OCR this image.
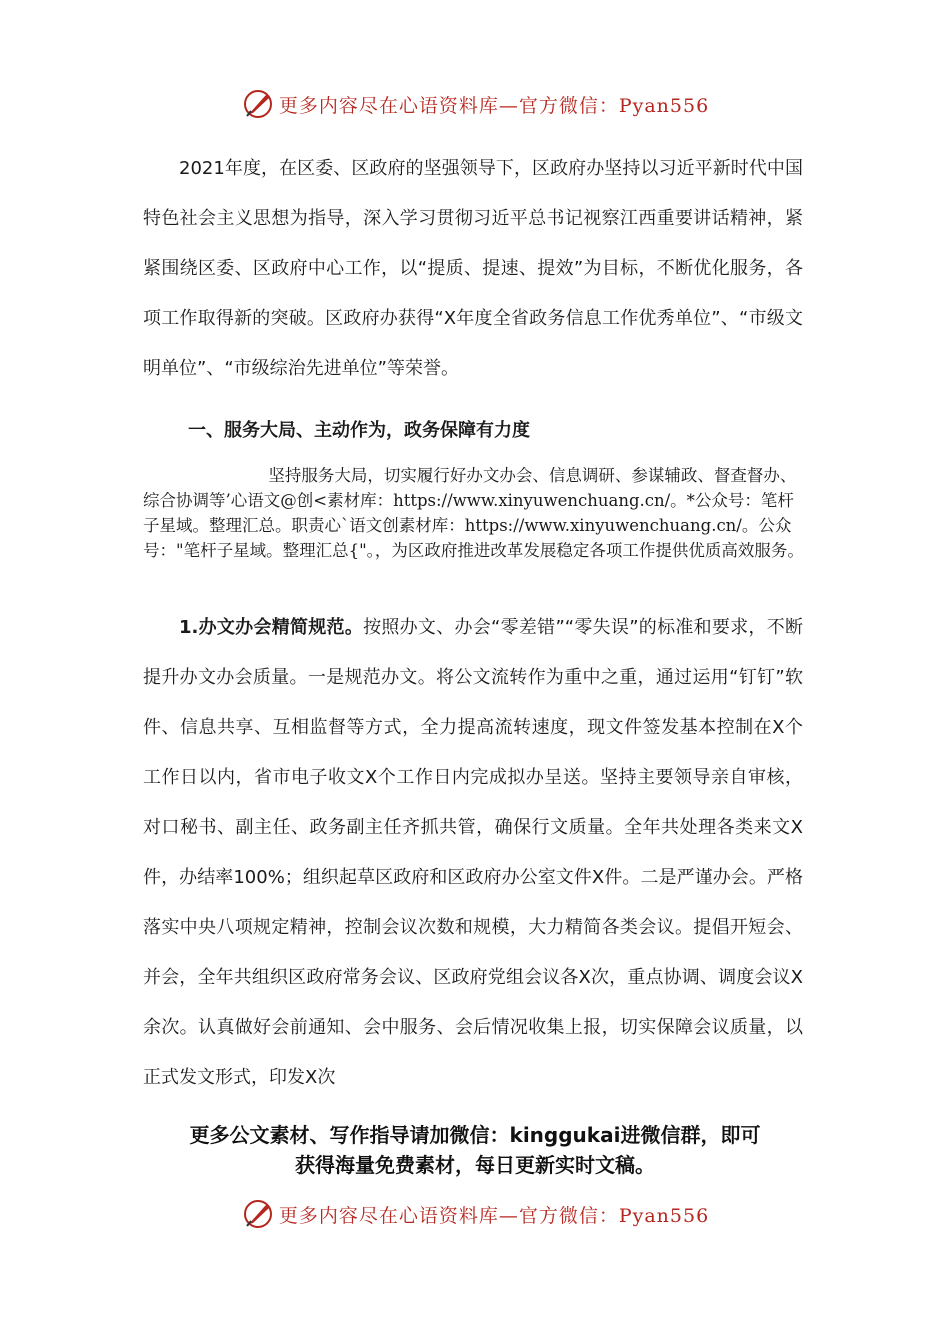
更多内容尽在心语资料库—官方微信：Pyan556

2021年度，在区委、区政府的坚强领导下，区政府办坚持以习近平新时代中国特色社会主义思想为指导，深入学习贯彻习近平总书记视察江西重要讲话精神，紧紧围绕区委、区政府中心工作，以“提质、提速、提效”为目标，不断优化服务，各项工作取得新的突破。区政府办获得“X年度全省政务信息工作优秀单位”、“市级文明单位”、“市级综治先进单位”等荣誉。

一、服务大局、主动作为，政务保障有力度

坚持服务大局，切实履行好办文办会、信息调研、参谋辅政、督查督办、综合协调等’心语文@创<素材库：https://www.xinyuwenchuang.cn/。*公众号：笔杆子星域。整理汇总。职责心`语文创素材库：https://www.xinyuwenchuang.cn/。公众号："笔杆子星域。整理汇总{"。，为区政府推进改革发展稳定各项工作提供优质高效服务。

1.办文办会精简规范。按照办文、办会“零差错”“零失误”的标准和要求，不断提升办文办会质量。一是规范办文。将公文流转作为重中之重，通过运用“钉钉”软件、信息共享、互相监督等方式，全力提高流转速度，现文件签发基本控制在X个工作日以内，省市电子收文X个工作日内完成拟办呈送。坚持主要领导亲自审核，对口秘书、副主任、政务副主任齐抓共管，确保行文质量。全年共处理各类来文X件，办结率100%；组织起草区政府和区政府办公室文件X件。二是严谨办会。严格落实中央八项规定精神，控制会议次数和规模，大力精简各类会议。提倡开短会、并会，全年共组织区政府常务会议、区政府党组会议各X次，重点协调、调度会议X余次。认真做好会前通知、会中服务、会后情况收集上报，切实保障会议质量，以正式发文形式，印发X次

更多公文素材、写作指导请加微信：kinggukai进微信群，即可
获得海量免费素材，每日更新实时文稿。
更多内容尽在心语资料库—官方微信：Pyan556
